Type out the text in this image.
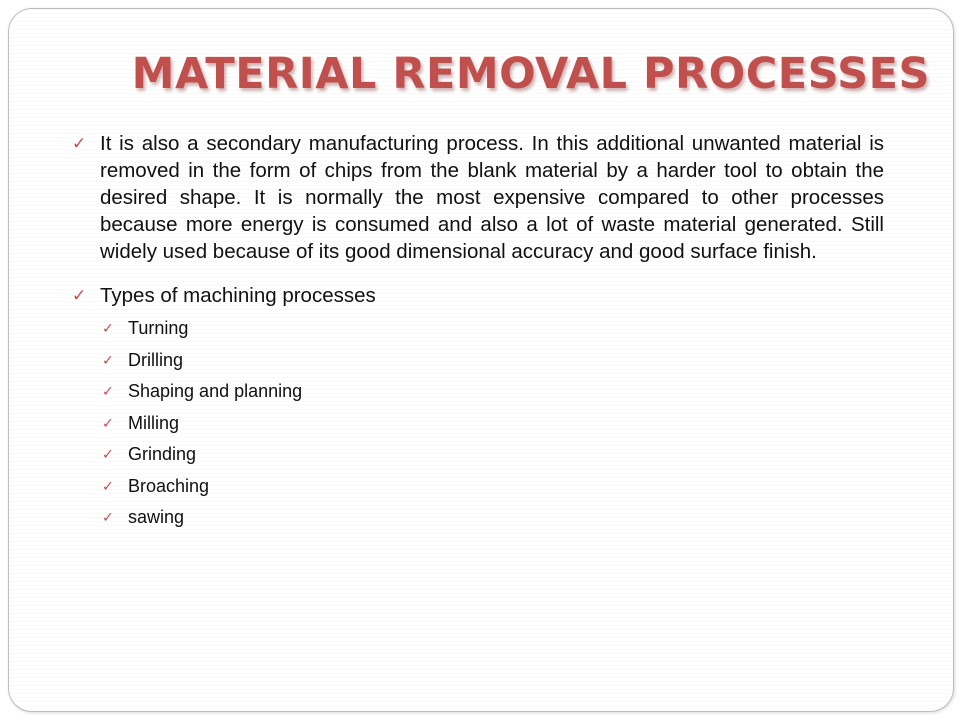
MATERIAL REMOVAL PROCESSES
✓ It is also a secondary manufacturing process. In this additional unwanted material is removed in the form of chips from the blank material by a harder tool to obtain the desired shape. It is normally the most expensive compared to other processes because more energy is consumed and also a lot of waste material generated. Still widely used because of its good dimensional accuracy and good surface finish.
✓ Types of machining processes
✓ Turning
✓ Drilling
✓ Shaping and planning
✓ Milling
✓ Grinding
✓ Broaching
✓ sawing
